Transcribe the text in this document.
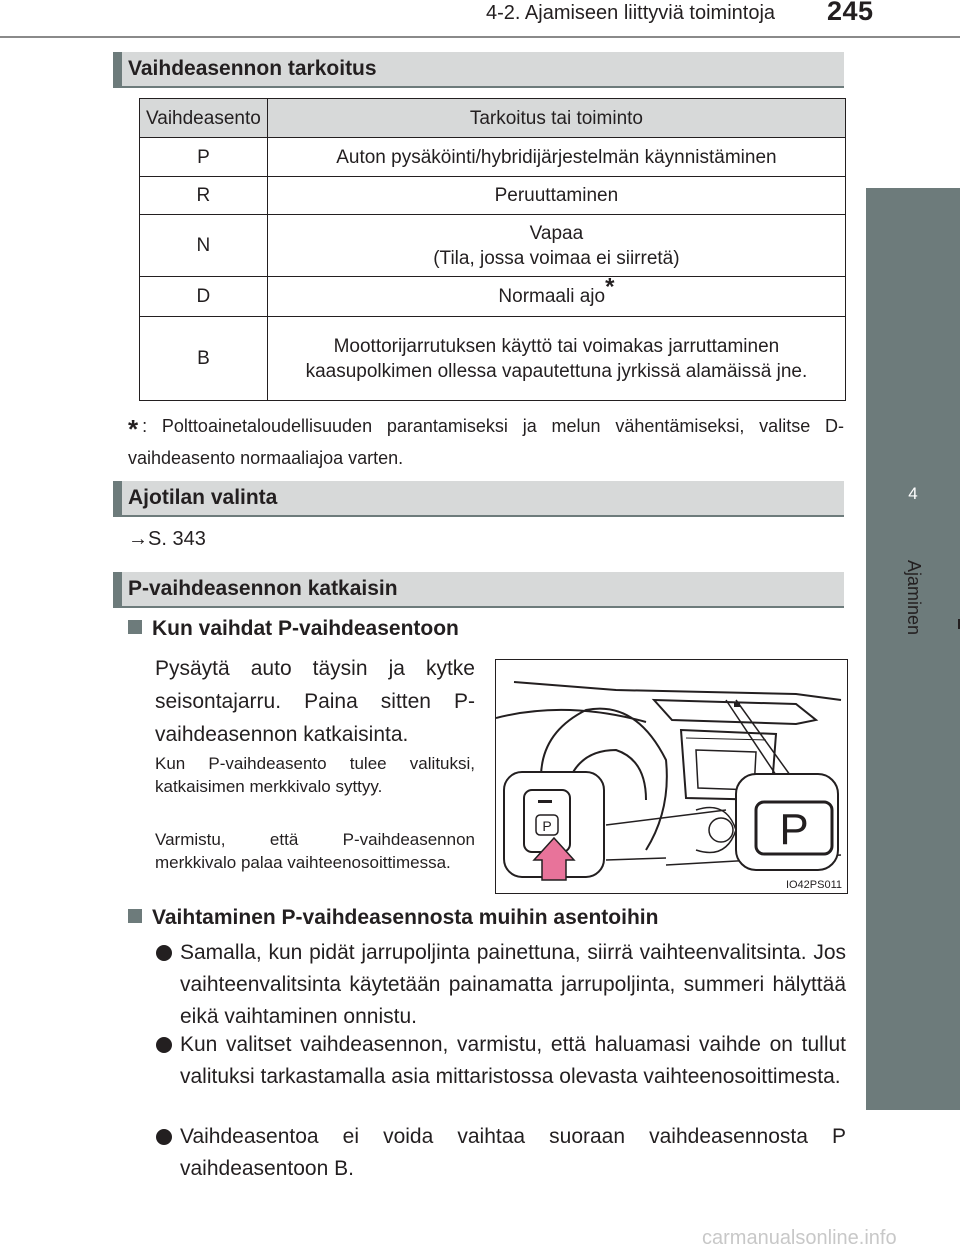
4-2. Ajamiseen liittyviä toimintoja 245
4
Ajaminen
Vaihdeasennon tarkoitus
Vaihdeasento	Tarkoitus tai toiminto
P	Auton pysäköinti/hybridijärjestelmän käynnistäminen
R	Peruuttaminen
N	Vapaa
(Tila, jossa voimaa ei siirretä)

D	Normaali ajo*
B	Moottorijarrutuksen käyttö tai voimakas jarruttaminen kaasupolkimen ollessa vapautettuna jyrkissä alamäissä jne.
* : Polttoainetaloudellisuuden parantamiseksi ja melun vähentämiseksi, valitse D-vaihdeasento normaaliajoa varten.
Ajotilan valinta
→S. 343
P-vaihdeasennon katkaisin
Kun vaihdat P-vaihdeasentoon
Pysäytä auto täysin ja kytke seisontajarru. Paina sitten P-vaihdeasennon katkaisinta.
Kun P-vaihdeasento tulee valituksi, katkaisimen merkkivalo syttyy.
Varmistu, että P-vaihdeasennon merkkivalo palaa vaihteenosoittimessa.
P
P
IO42PS011
Vaihtaminen P-vaihdeasennosta muihin asentoihin
Samalla, kun pidät jarrupoljinta painettuna, siirrä vaihteenvalitsinta. Jos vaihteenvalitsinta käytetään painamatta jarrupoljinta, summeri hälyttää eikä vaihtaminen onnistu.
Kun valitset vaihdeasennon, varmistu, että haluamasi vaihde on tullut valituksi tarkastamalla asia mittaristossa olevasta vaihteenosoittimesta.
Vaihdeasentoa ei voida vaihtaa suoraan vaihdeasennosta P vaihdeasentoon B.
carmanualsonline.info
